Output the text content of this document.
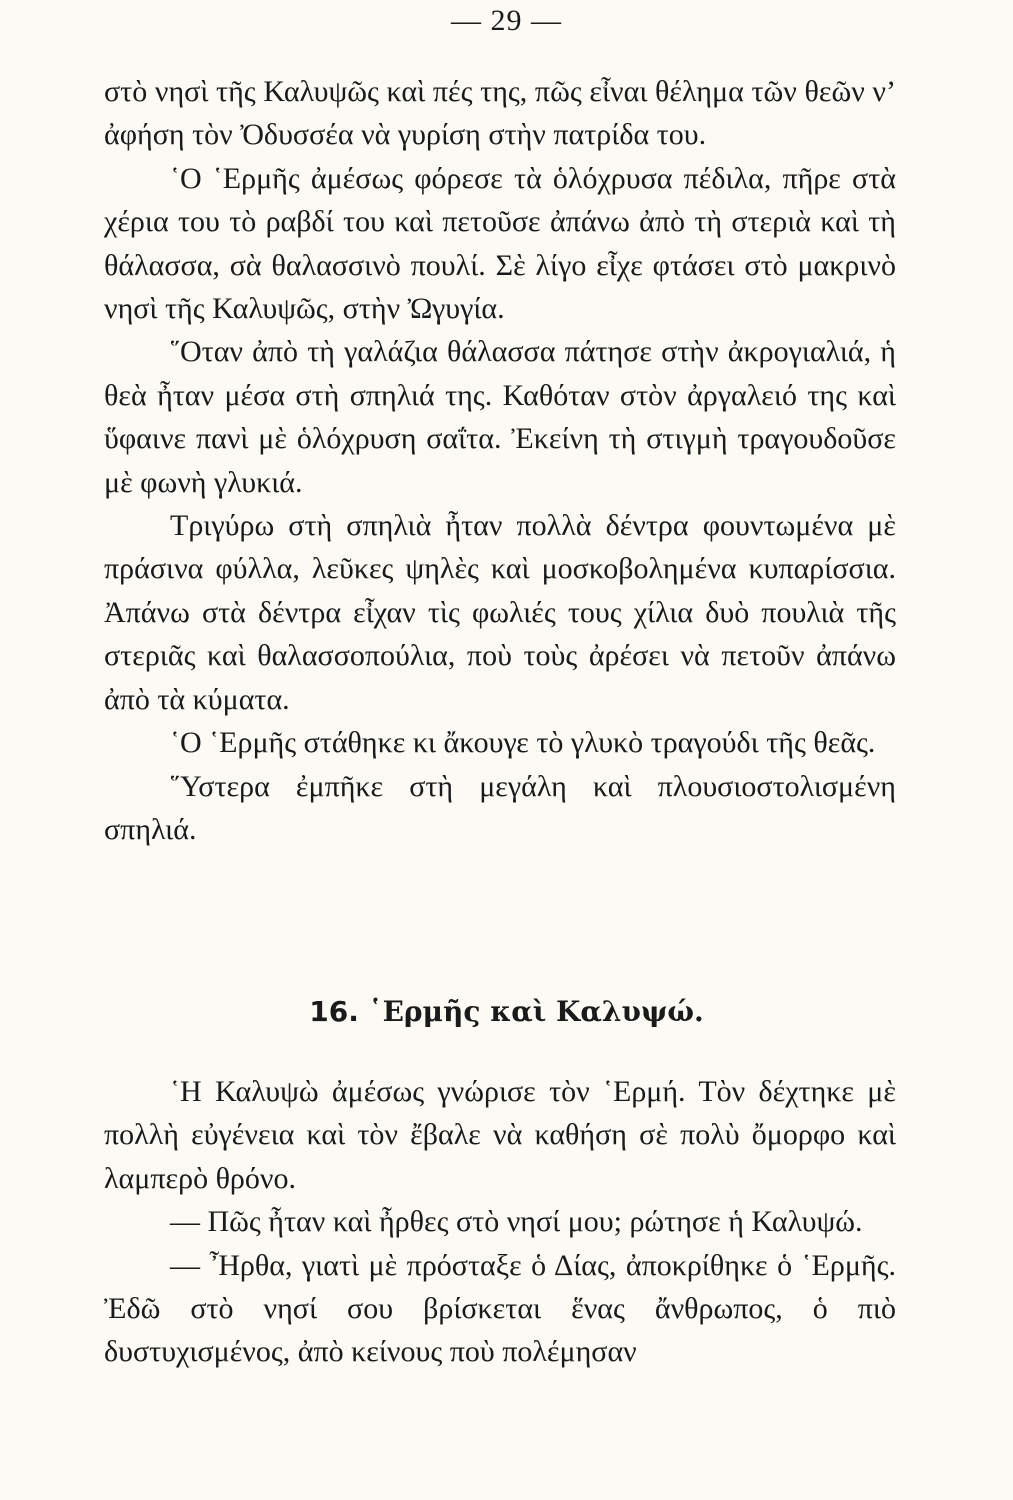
— 29 —

στὸ νησὶ τῆς Καλυψῶς καὶ πές της, πῶς εἶναι θέλημα τῶν θεῶν ν’ ἀφήση τὸν Ὀδυσσέα νὰ γυρίση στὴν πατρίδα του.

῾Ο ῾Ερμῆς ἀμέσως φόρεσε τὰ ὁλόχρυσα πέδιλα, πῆρε στὰ χέρια του τὸ ραβδί του καὶ πετοῦσε ἀπάνω ἀπὸ τὴ στεριὰ καὶ τὴ θάλασσα, σὰ θαλασσινὸ πουλί. Σὲ λίγο εἶχε φτάσει στὸ μακρινὸ νησὶ τῆς Καλυψῶς, στὴν Ὠγυγία.

῞Οταν ἀπὸ τὴ γαλάζια θάλασσα πάτησε στὴν ἀκρογιαλιά, ἡ θεὰ ἦταν μέσα στὴ σπηλιά της. Καθόταν στὸν ἀργαλειό της καὶ ὕφαινε πανὶ μὲ ὁλόχρυση σαΐτα. Ἐκείνη τὴ στιγμὴ τραγουδοῦσε μὲ φωνὴ γλυκιά.

Τριγύρω στὴ σπηλιὰ ἦταν πολλὰ δέντρα φουντωμένα μὲ πράσινα φύλλα, λεῦκες ψηλὲς καὶ μοσκοβολημένα κυπαρίσσια. Ἀπάνω στὰ δέντρα εἶχαν τὶς φωλιές τους χίλια δυὸ πουλιὰ τῆς στεριᾶς καὶ θαλασσοπούλια, ποὺ τοὺς ἀρέσει νὰ πετοῦν ἀπάνω ἀπὸ τὰ κύματα.

῾Ο ῾Ερμῆς στάθηκε κι ἄκουγε τὸ γλυκὸ τραγούδι τῆς θεᾶς.

῞Υστερα ἐμπῆκε στὴ μεγάλη καὶ πλουσιοστολισμένη σπηλιά.

16. ῾Ερμῆς καὶ Καλυψώ.

῾Η Καλυψὼ ἀμέσως γνώρισε τὸν ῾Ερμή. Τὸν δέχτηκε μὲ πολλὴ εὐγένεια καὶ τὸν ἔβαλε νὰ καθήση σὲ πολὺ ὄμορφο καὶ λαμπερὸ θρόνο.

— Πῶς ἦταν καὶ ἦρθες στὸ νησί μου; ρώτησε ἡ Καλυψώ.

— Ἦρθα, γιατὶ μὲ πρόσταξε ὁ Δίας, ἀποκρίθηκε ὁ ῾Ερμῆς. Ἐδῶ στὸ νησί σου βρίσκεται ἕνας ἄνθρωπος, ὁ πιὸ δυστυχισμένος, ἀπὸ κείνους ποὺ πολέμησαν
